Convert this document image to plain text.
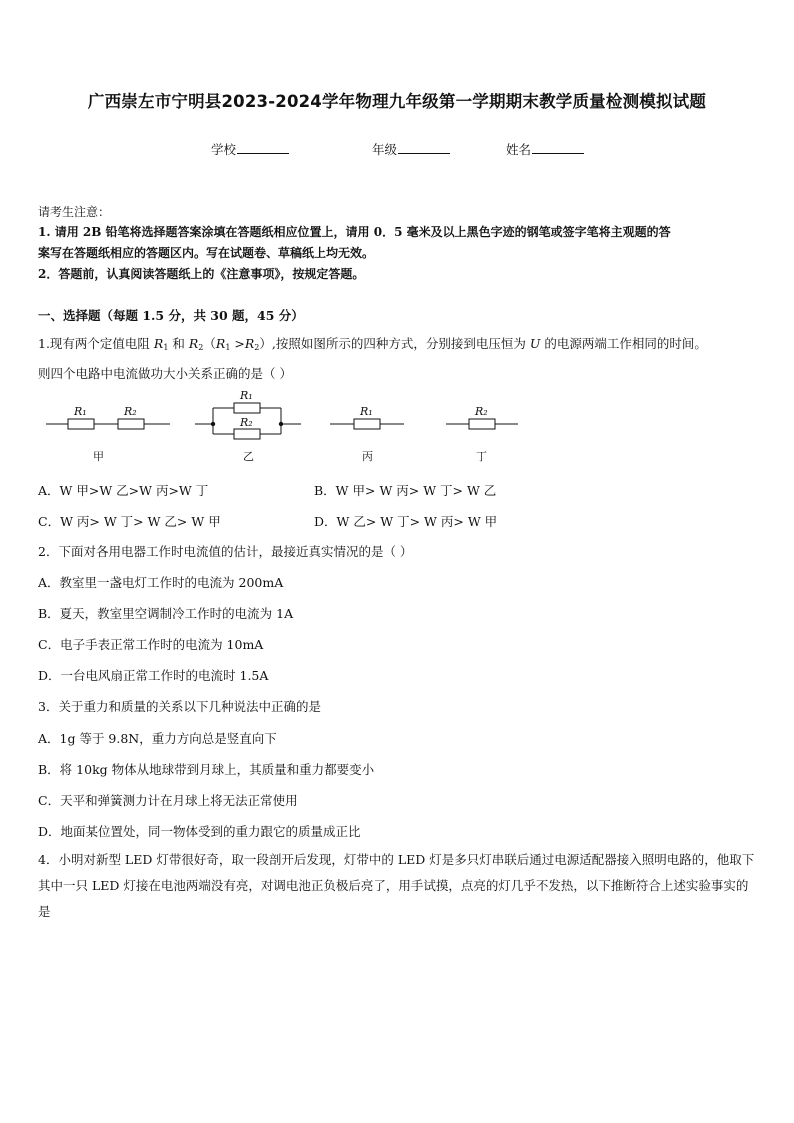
广西崇左市宁明县2023-2024学年物理九年级第一学期期末教学质量检测模拟试题
学校	年级	姓名
请考生注意：
1. 请用 2B 铅笔将选择题答案涂填在答题纸相应位置上，请用 0．5 毫米及以上黑色字迹的钢笔或签字笔将主观题的答
案写在答题纸相应的答题区内。写在试题卷、草稿纸上均无效。
2．答题前，认真阅读答题纸上的《注意事项》，按规定答题。
一、选择题（每题 1.5 分，共 30 题，45 分）
1.现有两个定值电阻 $R_1$ 和 $R_2(R_1 >R_2)$,按照如图所示的四种方式，分别接到电压恒为 U 的电源两端工作相同的时间。
则四个电路中电流做功大小关系正确的是（ ）
R₁	R₂
R₁
R₂
R₁	R₂
甲	乙	丙	丁
A．W 甲>W 乙>W 丙>W 丁	B．W 甲> W 丙> W 丁> W 乙
C．W 丙> W 丁> W 乙> W 甲	D．W 乙> W 丁> W 丙> W 甲
2．下面对各用电器工作时电流值的估计，最接近真实情况的是（ ）
A．教室里一盏电灯工作时的电流为 200mA
B．夏天，教室里空调制冷工作时的电流为 1A
C．电子手表正常工作时的电流为 10mA
D．一台电风扇正常工作时的电流时 1.5A
3．关于重力和质量的关系以下几种说法中正确的是
A．1g 等于 9.8N，重力方向总是竖直向下
B．将 10kg 物体从地球带到月球上，其质量和重力都要变小
C．天平和弹簧测力计在月球上将无法正常使用
D．地面某位置处，同一物体受到的重力跟它的质量成正比
4．小明对新型 LED 灯带很好奇，取一段剖开后发现，灯带中的 LED 灯是多只灯串联后通过电源适配器接入照明电路的，他取下其中一只 LED 灯接在电池两端没有亮，对调电池正负极后亮了，用手试摸，点亮的灯几乎不发热，以下推断符合上述实验事实的是
